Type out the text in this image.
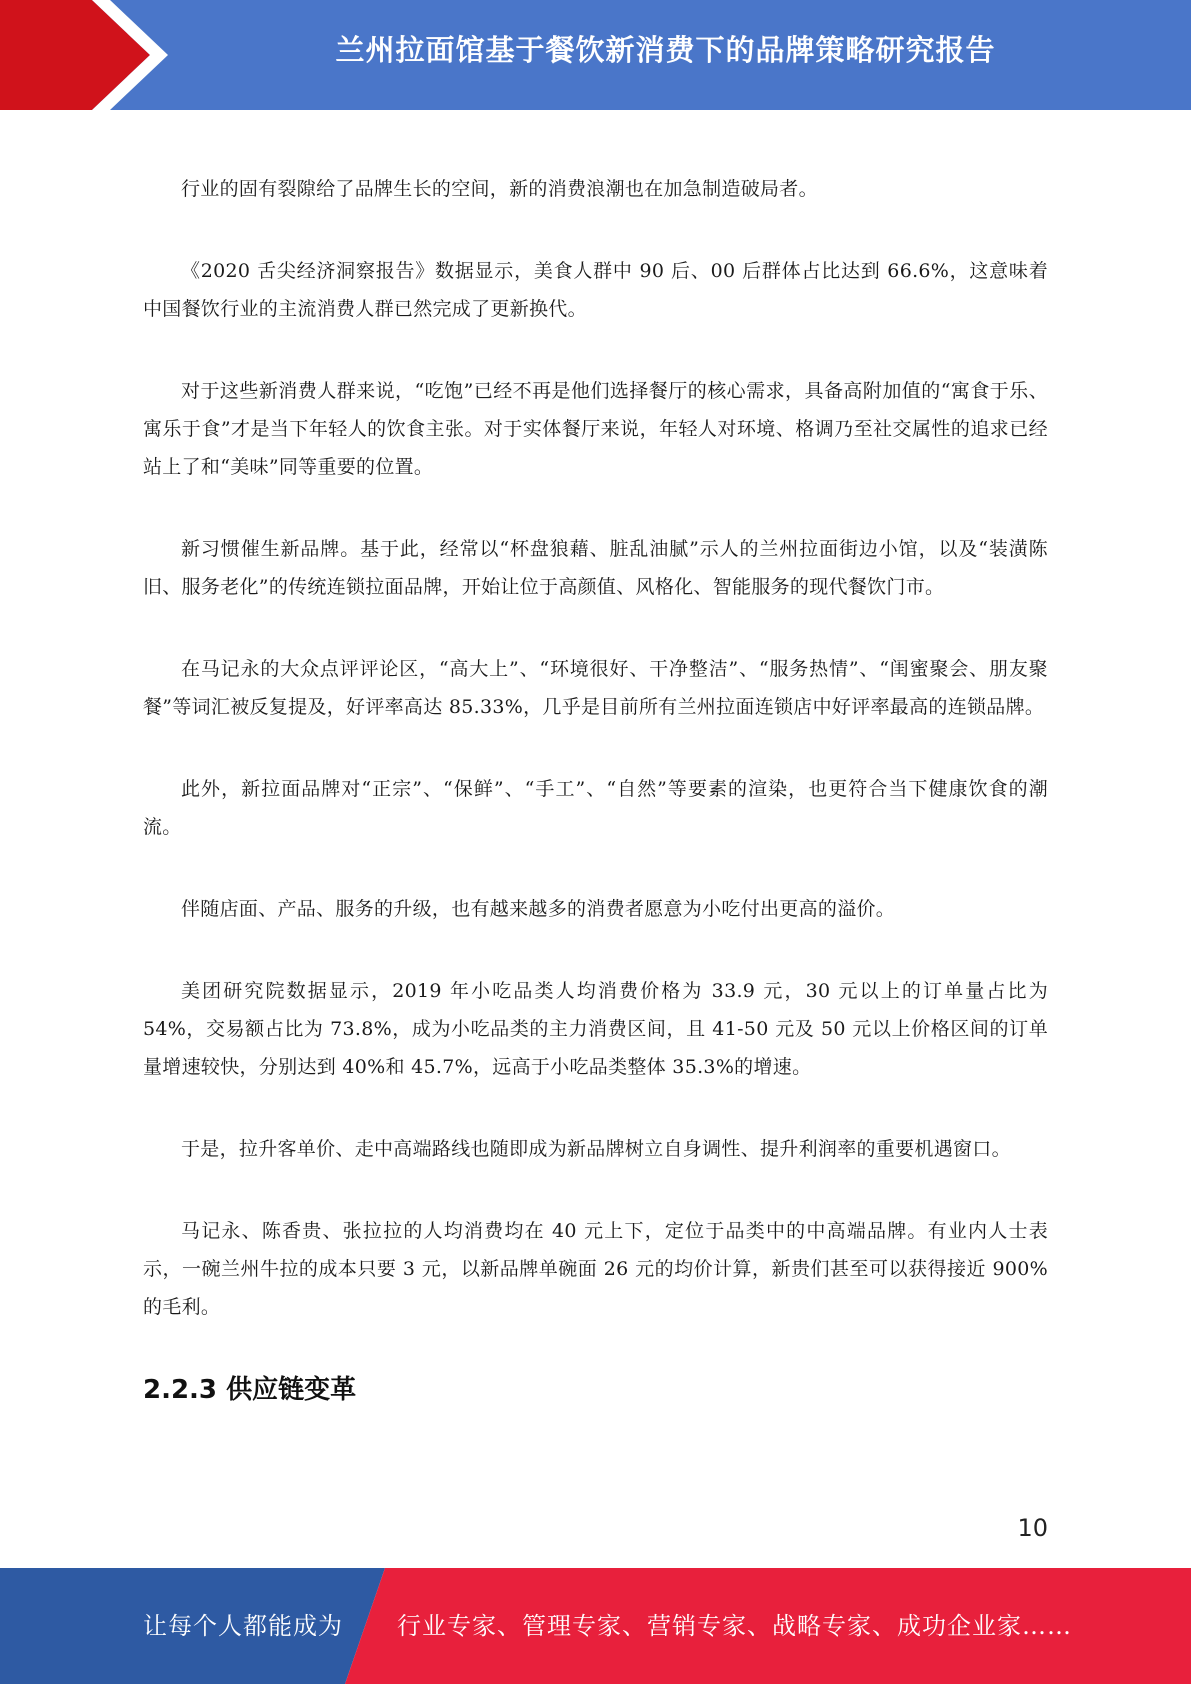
兰州拉面馆基于餐饮新消费下的品牌策略研究报告

行业的固有裂隙给了品牌生长的空间，新的消费浪潮也在加急制造破局者。

《2020 舌尖经济洞察报告》数据显示，美食人群中 90 后、00 后群体占比达到 66.6%，这意味着中国餐饮行业的主流消费人群已然完成了更新换代。

对于这些新消费人群来说，“吃饱”已经不再是他们选择餐厅的核心需求，具备高附加值的“寓食于乐、寓乐于食”才是当下年轻人的饮食主张。对于实体餐厅来说，年轻人对环境、格调乃至社交属性的追求已经站上了和“美味”同等重要的位置。

新习惯催生新品牌。基于此，经常以“杯盘狼藉、脏乱油腻”示人的兰州拉面街边小馆，以及“装潢陈旧、服务老化”的传统连锁拉面品牌，开始让位于高颜值、风格化、智能服务的现代餐饮门市。

在马记永的大众点评评论区，“高大上”、“环境很好、干净整洁”、“服务热情”、“闺蜜聚会、朋友聚餐”等词汇被反复提及，好评率高达 85.33%，几乎是目前所有兰州拉面连锁店中好评率最高的连锁品牌。

此外，新拉面品牌对“正宗”、“保鲜”、“手工”、“自然”等要素的渲染，也更符合当下健康饮食的潮流。

伴随店面、产品、服务的升级，也有越来越多的消费者愿意为小吃付出更高的溢价。

美团研究院数据显示，2019 年小吃品类人均消费价格为 33.9 元，30 元以上的订单量占比为 54%，交易额占比为 73.8%，成为小吃品类的主力消费区间，且 41-50 元及 50 元以上价格区间的订单量增速较快，分别达到 40%和 45.7%，远高于小吃品类整体 35.3%的增速。

于是，拉升客单价、走中高端路线也随即成为新品牌树立自身调性、提升利润率的重要机遇窗口。

马记永、陈香贵、张拉拉的人均消费均在 40 元上下，定位于品类中的中高端品牌。有业内人士表示，一碗兰州牛拉的成本只要 3 元，以新品牌单碗面 26 元的均价计算，新贵们甚至可以获得接近 900%的毛利。

2.2.3 供应链变革
10
让每个人都能成为 行业专家、管理专家、营销专家、战略专家、成功企业家……
